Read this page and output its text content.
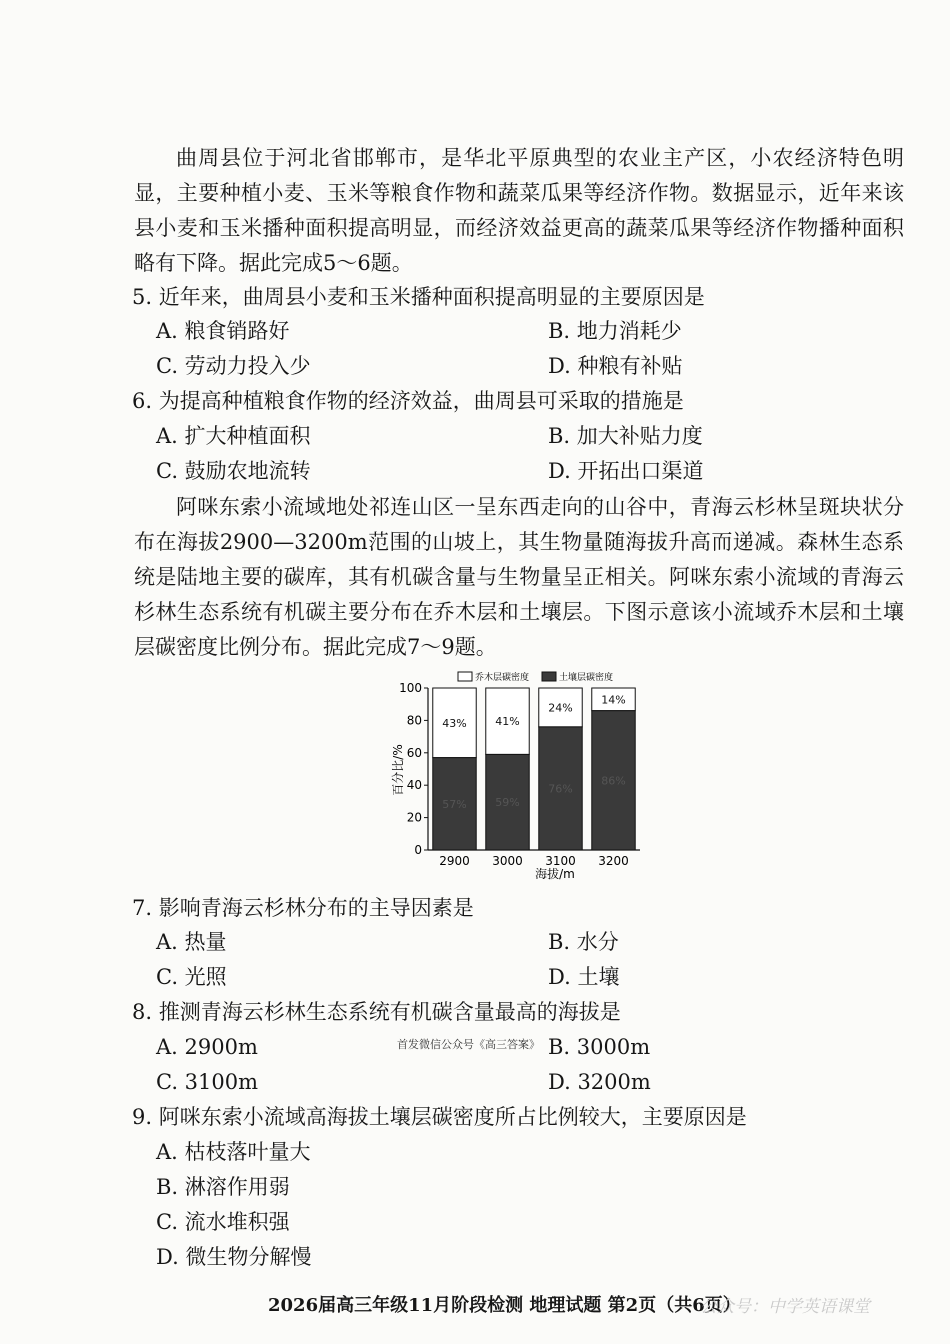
曲周县位于河北省邯郸市，是华北平原典型的农业主产区，小农经济特色明显，主要种植小麦、玉米等粮食作物和蔬菜瓜果等经济作物。数据显示，近年来该县小麦和玉米播种面积提高明显，而经济效益更高的蔬菜瓜果等经济作物播种面积略有下降。据此完成5～6题。
5. 近年来，曲周县小麦和玉米播种面积提高明显的主要原因是
A. 粮食销路好	B. 地力消耗少
C. 劳动力投入少	D. 种粮有补贴
6. 为提高种植粮食作物的经济效益，曲周县可采取的措施是
A. 扩大种植面积	B. 加大补贴力度
C. 鼓励农地流转	D. 开拓出口渠道
阿咪东索小流域地处祁连山区一呈东西走向的山谷中，青海云杉林呈斑块状分布在海拔2900—3200m范围的山坡上，其生物量随海拔升高而递减。森林生态系统是陆地主要的碳库，其有机碳含量与生物量呈正相关。阿咪东索小流域的青海云杉林生态系统有机碳主要分布在乔木层和土壤层。下图示意该小流域乔木层和土壤层碳密度比例分布。据此完成7～9题。
乔木层碳密度	土壤层碳密度
0
20
40
60
80
100
43%
57%
2900
41%
59%
3000
24%
76%
3100
14%
86%
3200
海拔/m
百分比/%
7. 影响青海云杉林分布的主导因素是
A. 热量	B. 水分
C. 光照	D. 土壤
8. 推测青海云杉林生态系统有机碳含量最高的海拔是
A. 2900m	首发微信公众号《高三答案》 B. 3000m
C. 3100m	D. 3200m
9. 阿咪东索小流域高海拔土壤层碳密度所占比例较大，主要原因是
A. 枯枝落叶量大
B. 淋溶作用弱
C. 流水堆积强
D. 微生物分解慢
2026届高三年级11月阶段检测 地理试题 第2页（共6页）
公众号：中学英语课堂
